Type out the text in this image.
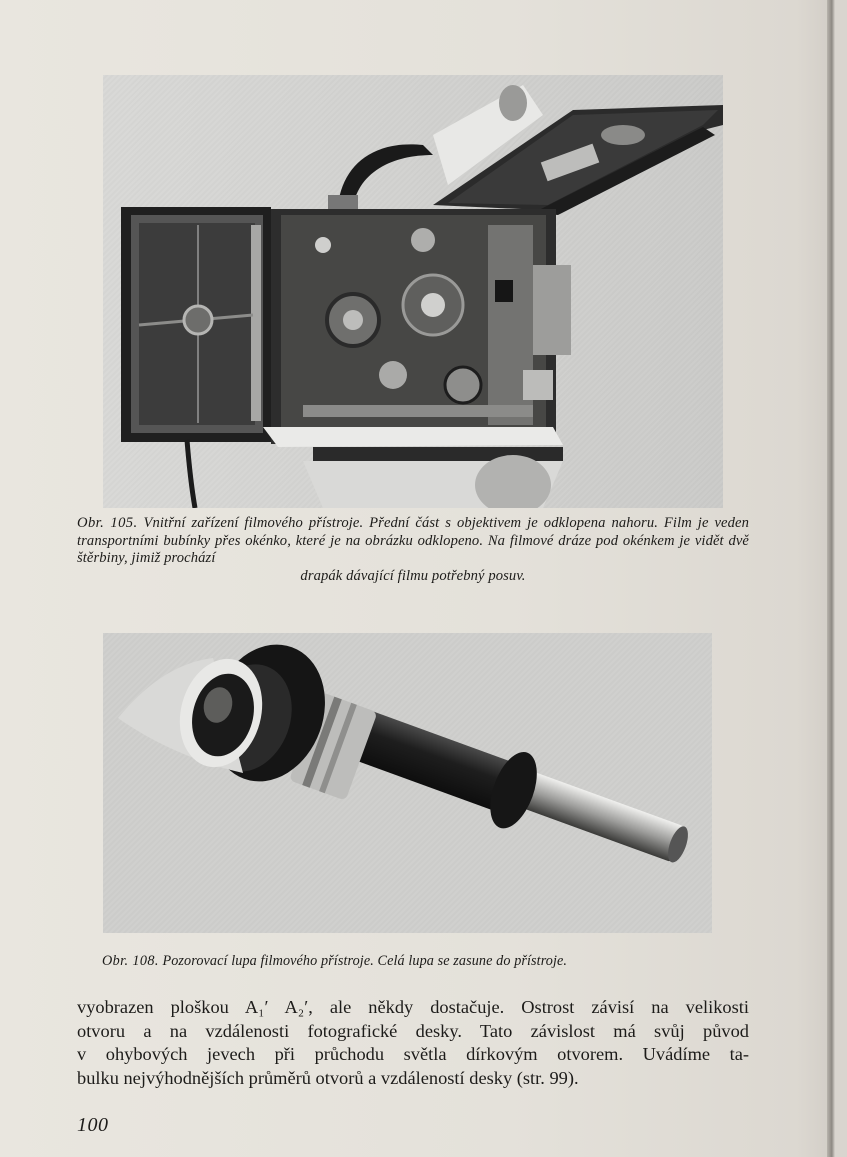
Obr. 105. Vnitřní zařízení filmového přístroje. Přední část s objektivem je odklopena nahoru. Film je veden transportními bubínky přes okénko, které je na obrázku odklopeno. Na filmové dráze pod okénkem je vidět dvě štěrbiny, jimiž prochází
drapák dávající filmu potřebný posuv.
Obr. 108. Pozorovací lupa filmového přístroje. Celá lupa se zasune do přístroje.
vyobrazen ploškou A₁′ A₂′, ale někdy dostačuje. Ostrost závisí na velikosti
otvoru a na vzdálenosti fotografické desky. Tato závislost má svůj původ
v ohybových jevech při průchodu světla dírkovým otvorem. Uvádíme ta-
bulku nejvýhodnějších průměrů otvorů a vzdáleností desky (str. 99).
100
